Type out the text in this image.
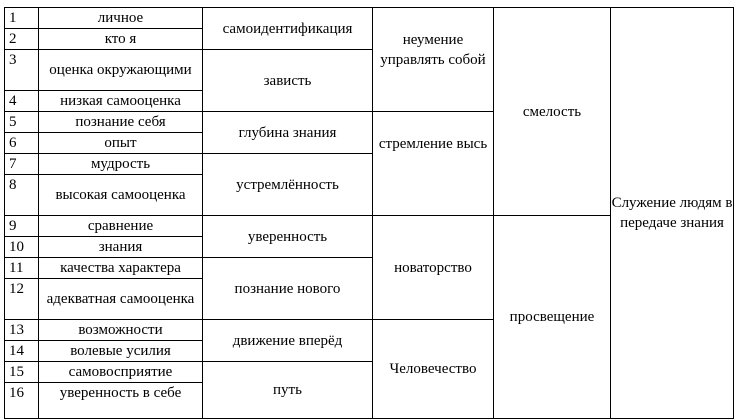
1	личное	самоидентификация	неумение управлять собой	смелость	Служение людям в передаче знания
2	кто я				
3	оценка окружающими	зависть			
4	низкая самооценка				
5	познание себя	глубина знания	стремление высь		
6	опыт				
7	мудрость	устремлённость			
8	высокая самооценка				
9	сравнение	уверенность	новаторство	просвещение	
10	знания				
11	качества характера	познание нового			
12	адекватная самооценка				
13	возможности	движение вперёд	Человечество		
14	волевые усилия				
15	самовосприятие	путь			
16	уверенность в себе				
